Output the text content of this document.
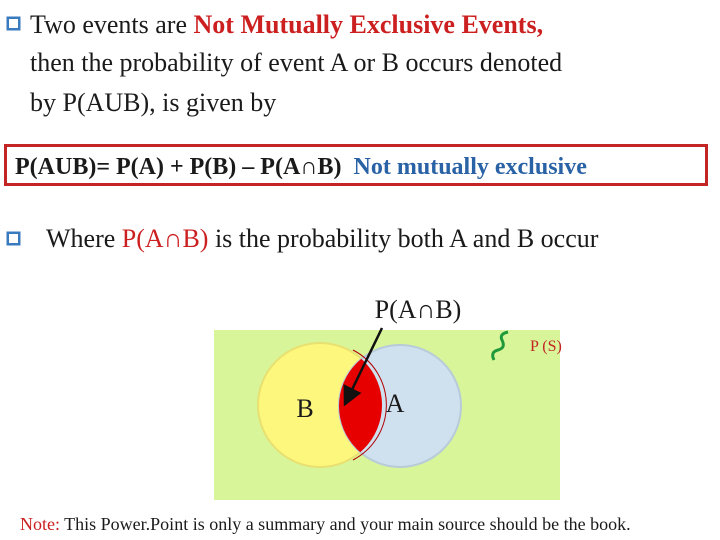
Two events are Not Mutually Exclusive Events,
then the probability of event A or B occurs denoted
by P(AUB), is given by
P(AUB)= P(A) + P(B) – P(A∩B) Not mutually exclusive
Where P(A∩B) is the probability both A and B occur
P(A∩B)
P (S)
B	A
Note: This Power.Point is only a summary and your main source should be the book.
